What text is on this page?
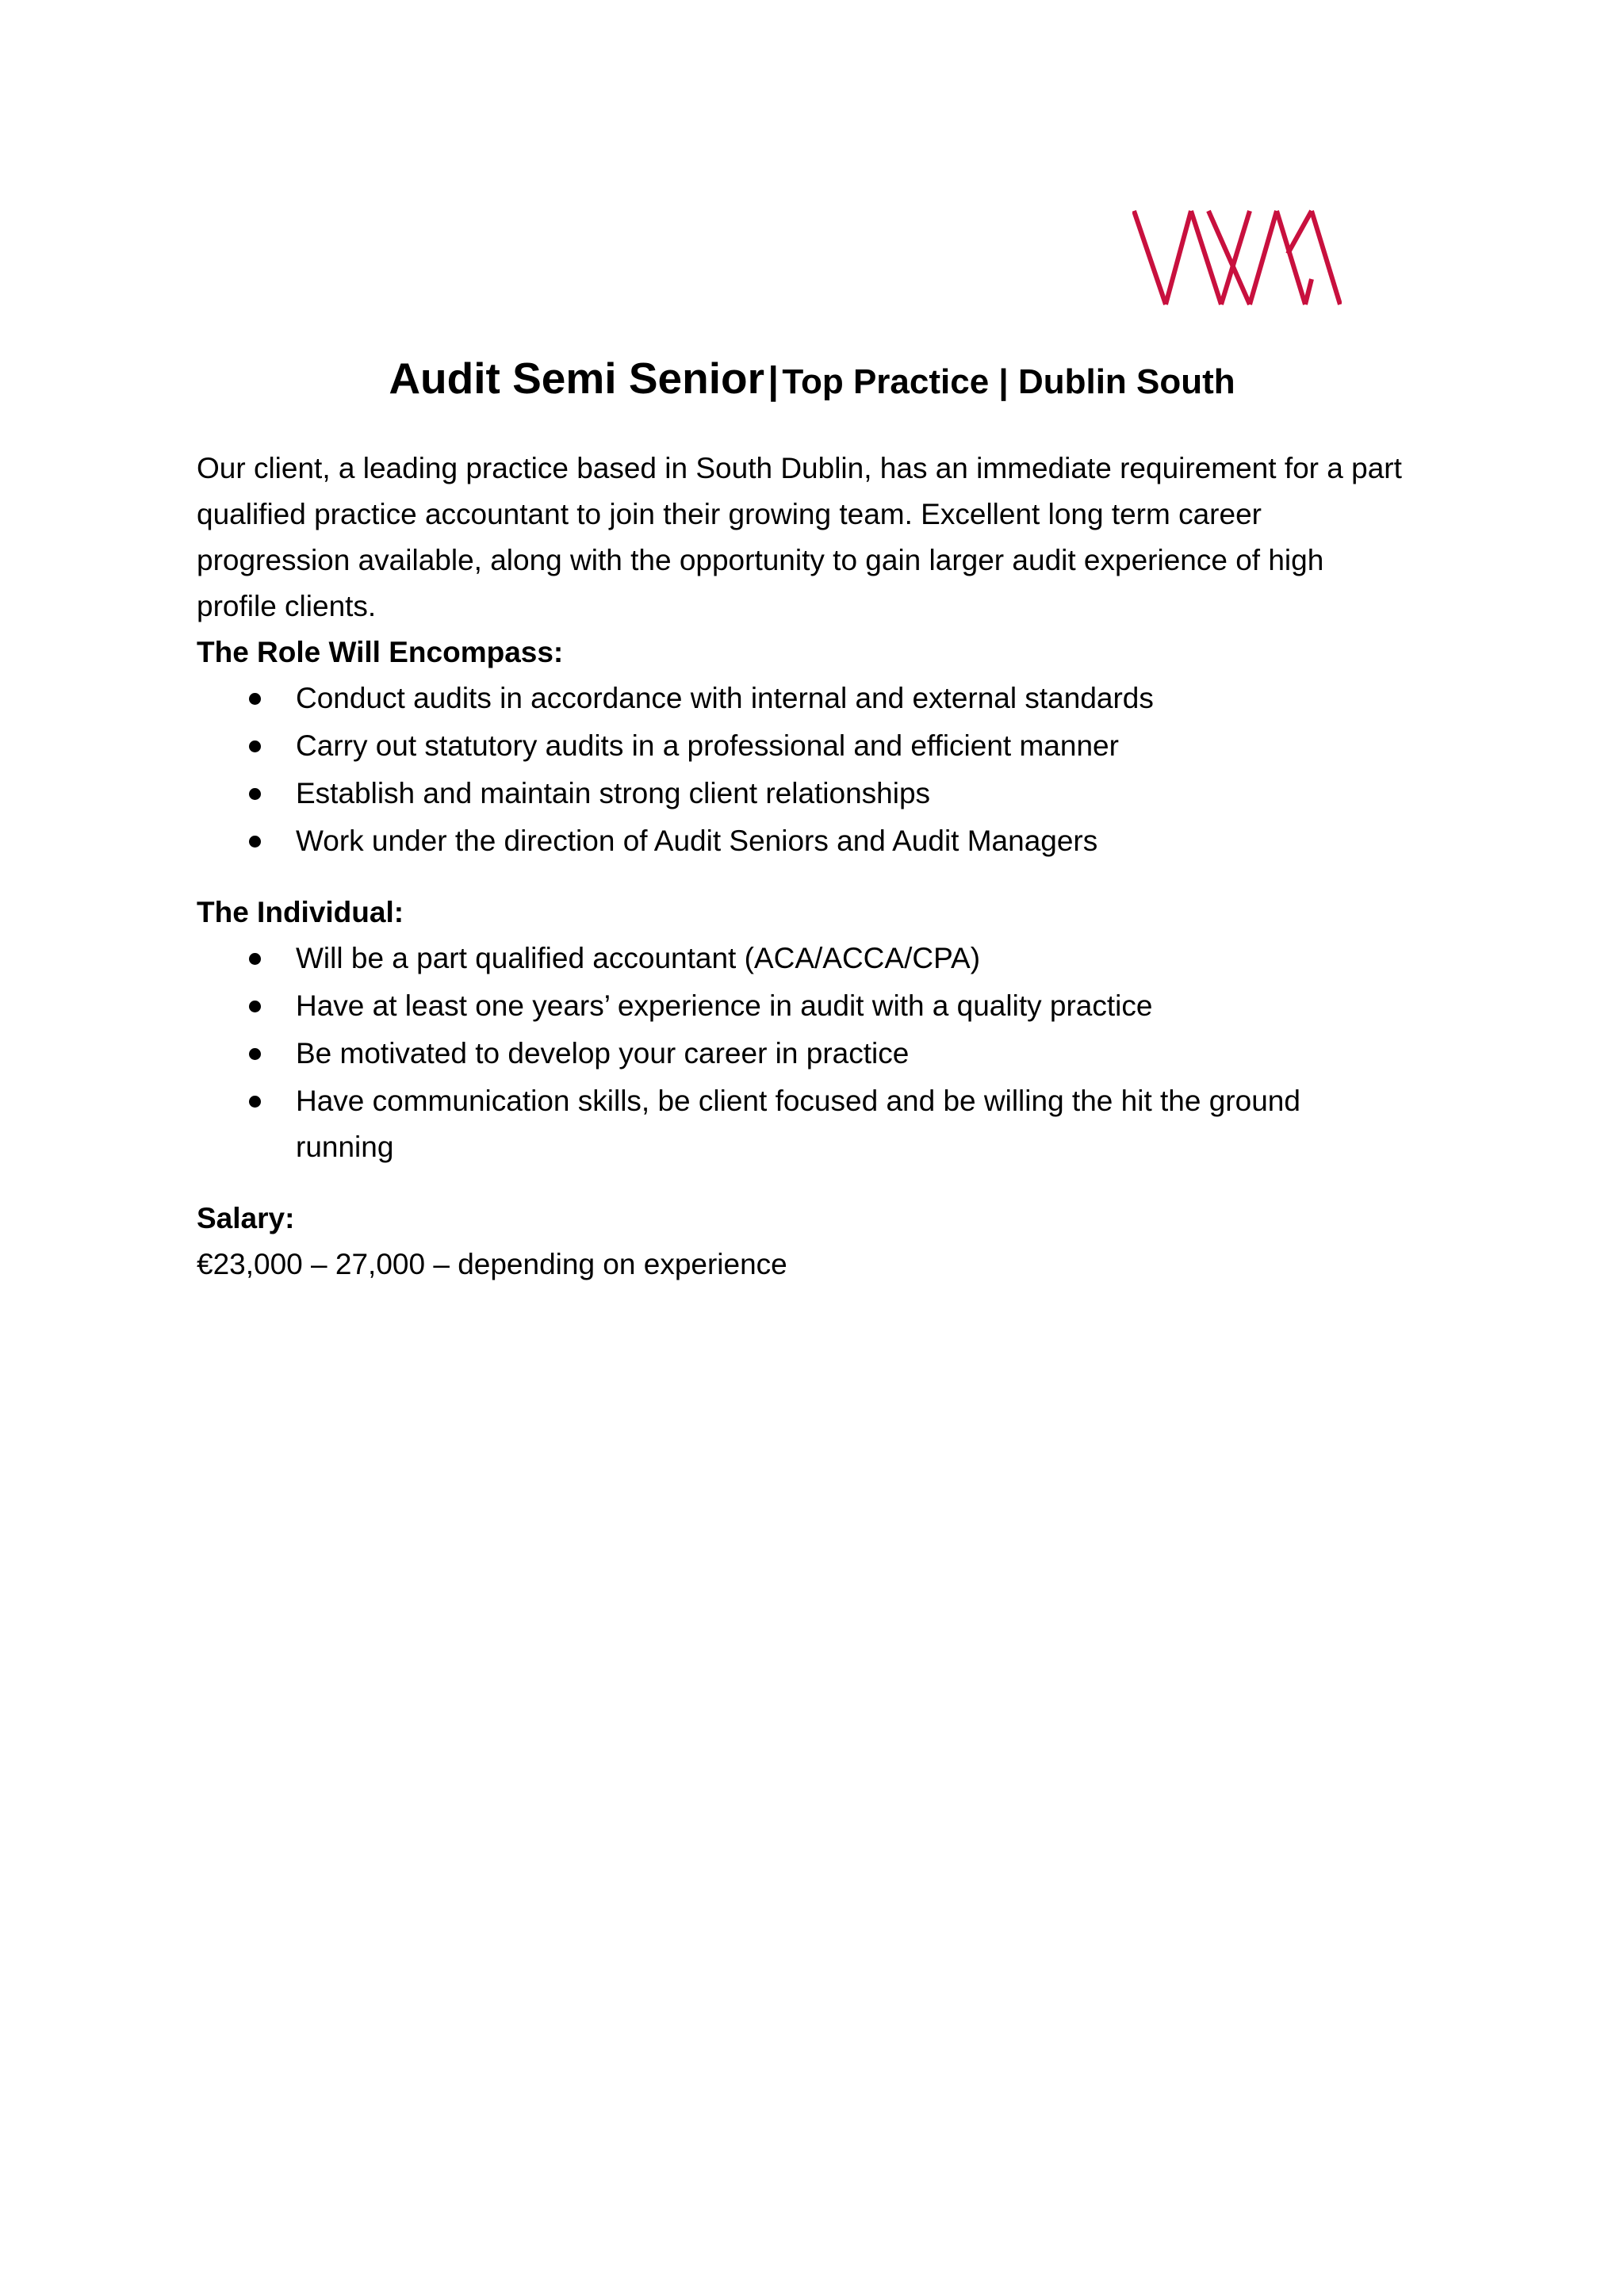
Audit Semi Senior | Top Practice | Dublin South

Our client, a leading practice based in South Dublin, has an immediate requirement for a part qualified practice accountant to join their growing team. Excellent long term career progression available, along with the opportunity to gain larger audit experience of high profile clients.

The Role Will Encompass:

Conduct audits in accordance with internal and external standards
Carry out statutory audits in a professional and efficient manner
Establish and maintain strong client relationships
Work under the direction of Audit Seniors and Audit Managers

The Individual:

Will be a part qualified accountant (ACA/ACCA/CPA)
Have at least one years’ experience in audit with a quality practice
Be motivated to develop your career in practice
Have communication skills, be client focused and be willing the hit the ground running

Salary:

€23,000 – 27,000 – depending on experience
